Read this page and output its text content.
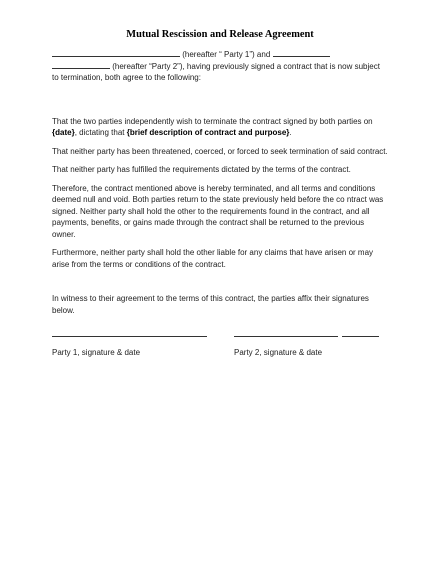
Mutual Rescission and Release Agreement

(hereafter “ Party 1”) and   (hereafter “Party 2”), having previously signed a contract that is now subject to termination, both agree to the following:

That the two parties independently wish to terminate the contract signed by both parties on {date}, dictating that {brief description of contract and purpose}.

That neither party has been threatened, coerced, or forced to seek termination of said contract.

That neither party has fulfilled the requirements dictated by the terms of the contract.

Therefore, the contract mentioned above is hereby terminated, and all terms and conditions deemed null and void. Both parties return to the state previously held before the co ntract was signed. Neither party shall hold the other to the requirements found in the contract, and all payments, benefits, or gains made through the contract shall be returned to the previous owner.

Furthermore, neither party shall hold the other liable for any claims that have arisen or may arise from the terms or conditions of the contract.

In witness to their agreement to the terms of this contract, the parties affix their signatures below.

Party 1, signature & date	Party 2, signature & date
